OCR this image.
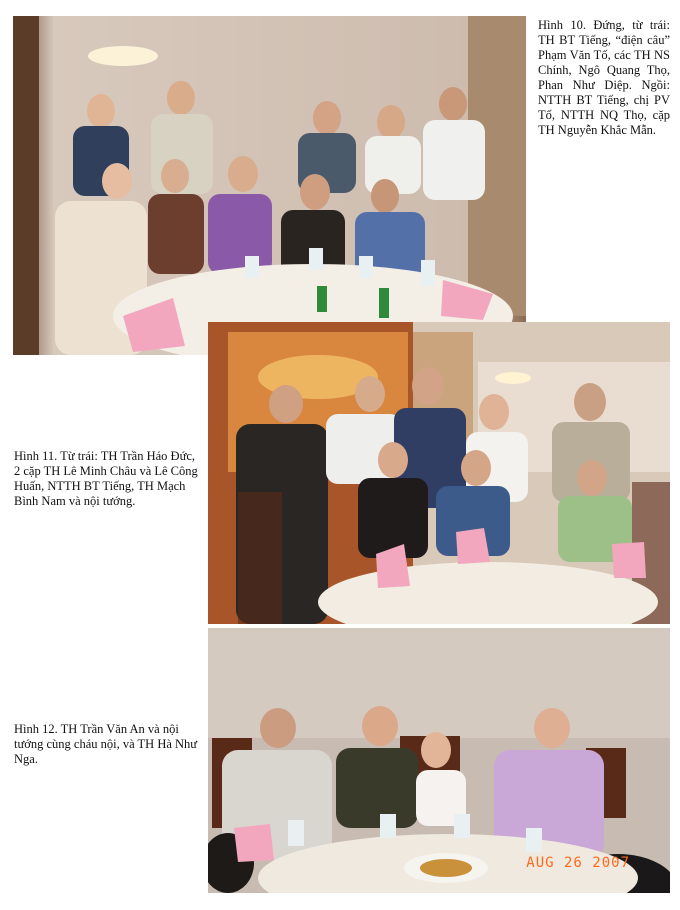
Hình 10. Đứng, từ trái: TH BT Tiếng, “điện câu” Phạm Văn Tố, các TH NS Chính, Ngô Quang Thọ, Phan Như Diệp. Ngồi: NTTH BT Tiếng, chị PV Tố, NTTH NQ Thọ, cặp TH Nguyễn Khắc Mẫn.
Hình 11. Từ trái: TH Trần Háo Đức, 2 cặp TH Lê Minh Châu và Lê Công Huấn, NTTH BT Tiếng, TH Mạch Bình Nam và nội tướng.
AUG 26 2007
Hình 12. TH Trần Văn An và nội tướng cùng cháu nội, và TH Hà Như Nga.
